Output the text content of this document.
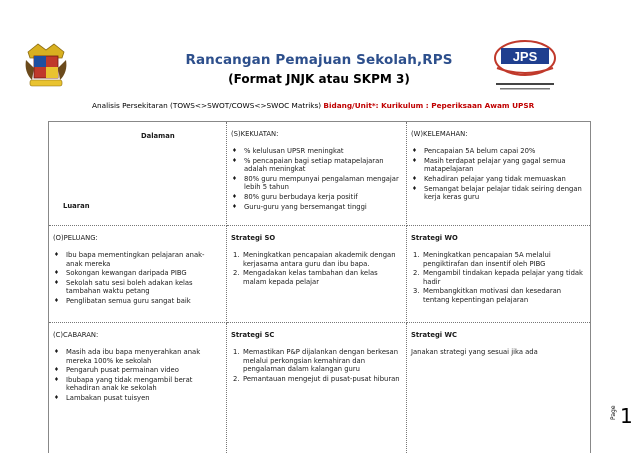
JPS
Rancangan Pemajuan Sekolah,RPS
(Format JNJK atau SKPM 3)
Analisis Persekitaran (TOWS<>SWOT/COWS<>SWOC Matriks) Bidang/Unit*: Kurikulum : Peperiksaan Awam UPSR
Dalaman
Luaran
(S)KEKUATAN:
♦ % kelulusan UPSR meningkat
♦ % pencapaian bagi setiap matapelajaran adalah meningkat
♦ 80% guru mempunyai pengalaman mengajar lebih 5 tahun
♦ 80% guru berbudaya kerja positif
♦ Guru-guru yang bersemangat tinggi
(W)KELEMAHAN:
♦ Pencapaian 5A belum capai 20%
♦ Masih terdapat pelajar yang gagal semua matapelajaran
♦ Kehadiran pelajar yang tidak memuaskan
♦ Semangat belajar pelajar tidak seiring dengan kerja keras guru
(O)PELUANG:
♦ Ibu bapa mementingkan pelajaran anak-anak mereka
♦ Sokongan kewangan daripada PIBG
♦ Sekolah satu sesi boleh adakan kelas tambahan waktu petang
♦ Penglibatan semua guru sangat baik
Strategi SO
1. Meningkatkan pencapaian akademik dengan kerjasama antara guru dan ibu bapa.
2. Mengadakan kelas tambahan dan kelas malam kepada pelajar
Strategi WO
1. Meningkatkan pencapaian 5A melalui pengiktirafan dan insentif oleh PIBG
2. Mengambil tindakan kepada pelajar yang tidak hadir
3. Membangkitkan motivasi dan kesedaran tentang kepentingan pelajaran
(C)CABARAN:
♦ Masih ada ibu bapa menyerahkan anak mereka 100% ke sekolah
♦ Pengaruh pusat permainan video
♦ Ibubapa yang tidak mengambil berat kehadiran anak ke sekolah
♦ Lambakan pusat tuisyen
Strategi SC
1. Memastikan P&P dijalankan dengan berkesan melalui perkongsian kemahiran dan pengalaman dalam kalangan guru
2. Pemantauan mengejut di pusat-pusat hiburan
Strategi WC
Janakan strategi yang sesuai jika ada
Page 1
